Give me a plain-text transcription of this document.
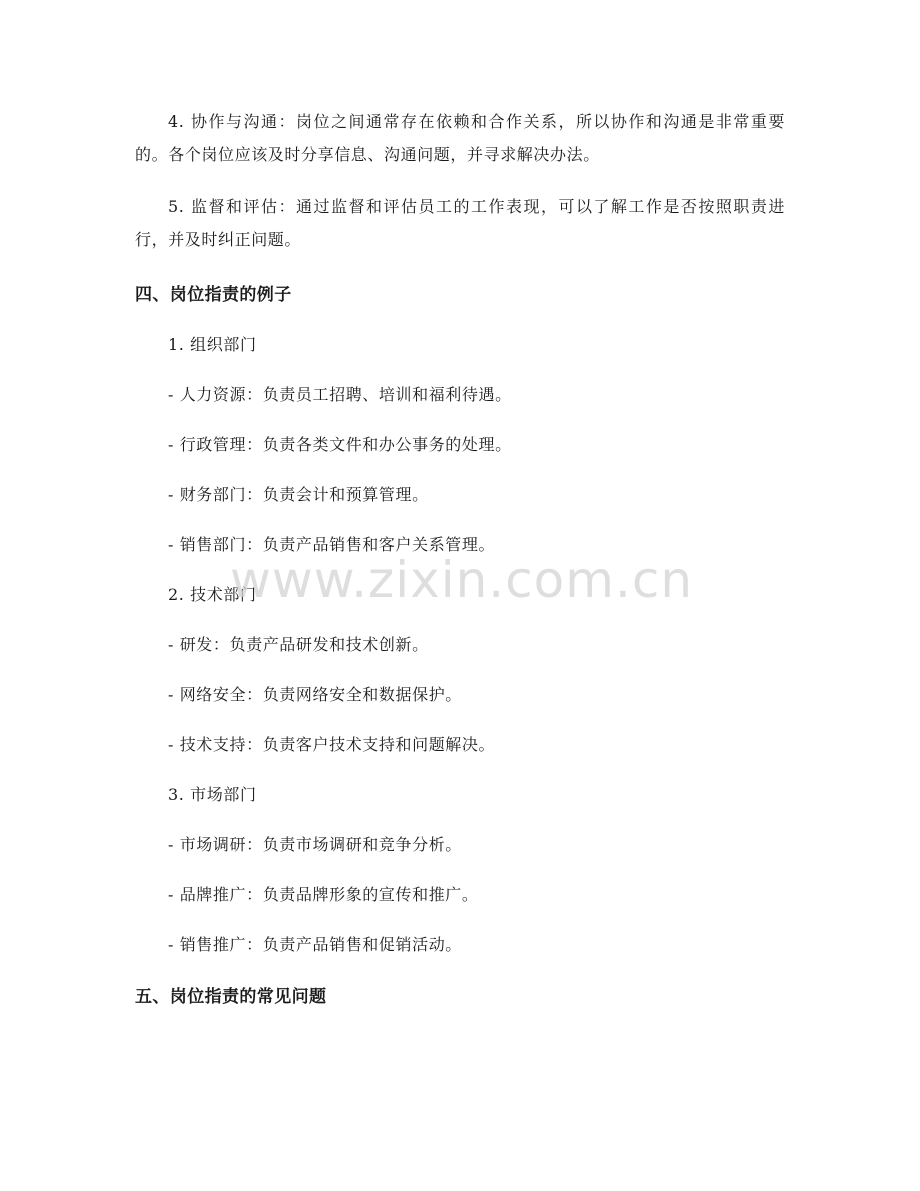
4. 协作与沟通：岗位之间通常存在依赖和合作关系，所以协作和沟通是非常重要的。各个岗位应该及时分享信息、沟通问题，并寻求解决办法。

5. 监督和评估：通过监督和评估员工的工作表现，可以了解工作是否按照职责进行，并及时纠正问题。

四、岗位指责的例子

1. 组织部门

- 人力资源：负责员工招聘、培训和福利待遇。

- 行政管理：负责各类文件和办公事务的处理。

- 财务部门：负责会计和预算管理。

- 销售部门：负责产品销售和客户关系管理。

2. 技术部门

- 研发：负责产品研发和技术创新。

- 网络安全：负责网络安全和数据保护。

- 技术支持：负责客户技术支持和问题解决。

3. 市场部门

- 市场调研：负责市场调研和竞争分析。

- 品牌推广：负责品牌形象的宣传和推广。

- 销售推广：负责产品销售和促销活动。

五、岗位指责的常见问题
www.zixin.com.cn
